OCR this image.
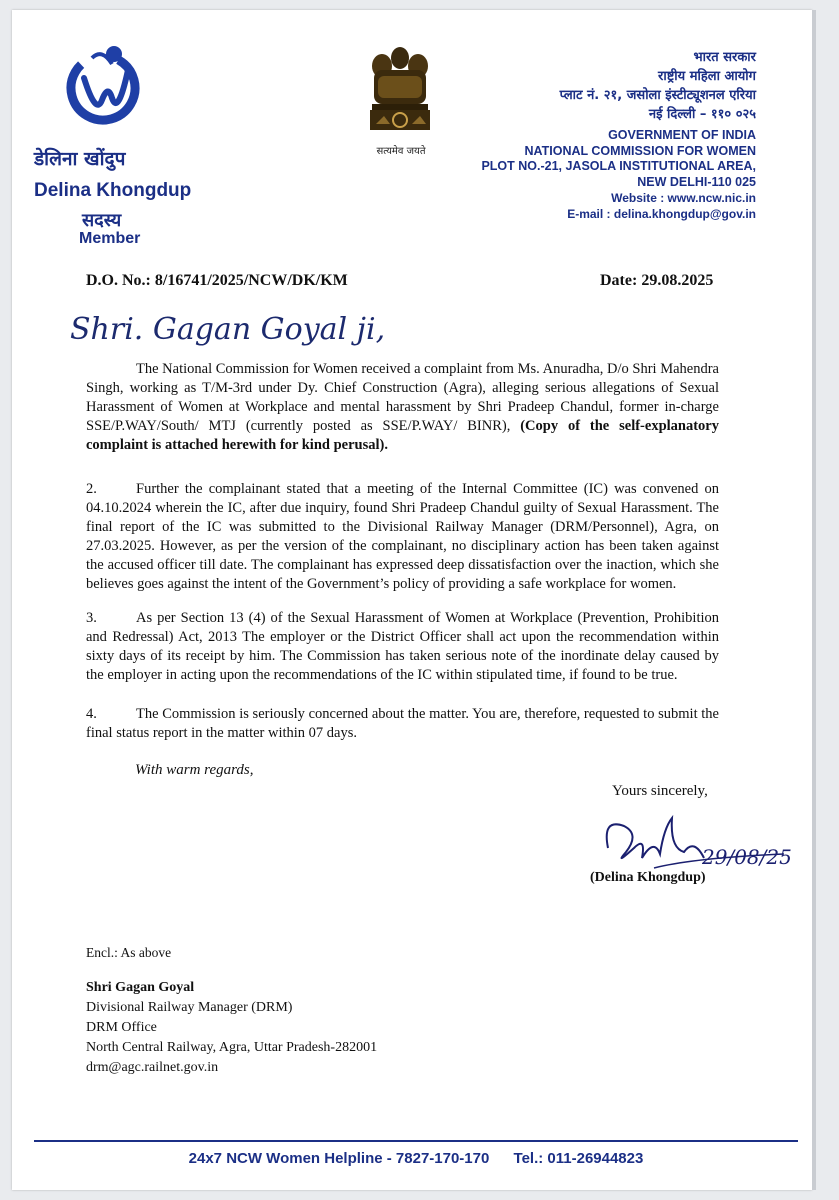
डेलिना खोंदुप
Delina Khongdup
सदस्य
Member
सत्यमेव जयते
भारत सरकार
राष्ट्रीय महिला आयोग
प्लाट नं. २१, जसोला इंस्टीट्यूशनल एरिया
नई दिल्ली – ११० ०२५
GOVERNMENT OF INDIA
NATIONAL COMMISSION FOR WOMEN
PLOT NO.-21, JASOLA INSTITUTIONAL AREA,
NEW DELHI-110 025
Website : www.ncw.nic.in
E-mail : delina.khongdup@gov.in
D.O. No.: 8/16741/2025/NCW/DK/KM	Date: 29.08.2025
Shri. Gagan Goyal ji,
The National Commission for Women received a complaint from Ms. Anuradha, D/o Shri Mahendra Singh, working as T/M-3rd under Dy. Chief Construction (Agra), alleging serious allegations of Sexual Harassment of Women at Workplace and mental harassment by Shri Pradeep Chandul, former in-charge SSE/P.WAY/South/ MTJ (currently posted as SSE/P.WAY/ BINR), (Copy of the self-explanatory complaint is attached herewith for kind perusal).
2.	Further the complainant stated that a meeting of the Internal Committee (IC) was convened on 04.10.2024 wherein the IC, after due inquiry, found Shri Pradeep Chandul guilty of Sexual Harassment. The final report of the IC was submitted to the Divisional Railway Manager (DRM/Personnel), Agra, on 27.03.2025. However, as per the version of the complainant, no disciplinary action has been taken against the accused officer till date. The complainant has expressed deep dissatisfaction over the inaction, which she believes goes against the intent of the Government’s policy of providing a safe workplace for women.
3.	As per Section 13 (4) of the Sexual Harassment of Women at Workplace (Prevention, Prohibition and Redressal) Act, 2013 The employer or the District Officer shall act upon the recommendation within sixty days of its receipt by him. The Commission has taken serious note of the inordinate delay caused by the employer in acting upon the recommendations of the IC within stipulated time, if found to be true.
4.	The Commission is seriously concerned about the matter. You are, therefore, requested to submit the final status report in the matter within 07 days.
With warm regards,
Yours sincerely,
29/08/25
(Delina Khongdup)
Encl.: As above
Shri Gagan Goyal
Divisional Railway Manager (DRM)
DRM Office
North Central Railway, Agra, Uttar Pradesh-282001
drm@agc.railnet.gov.in
24x7 NCW Women Helpline - 7827-170-170 Tel.: 011-26944823
